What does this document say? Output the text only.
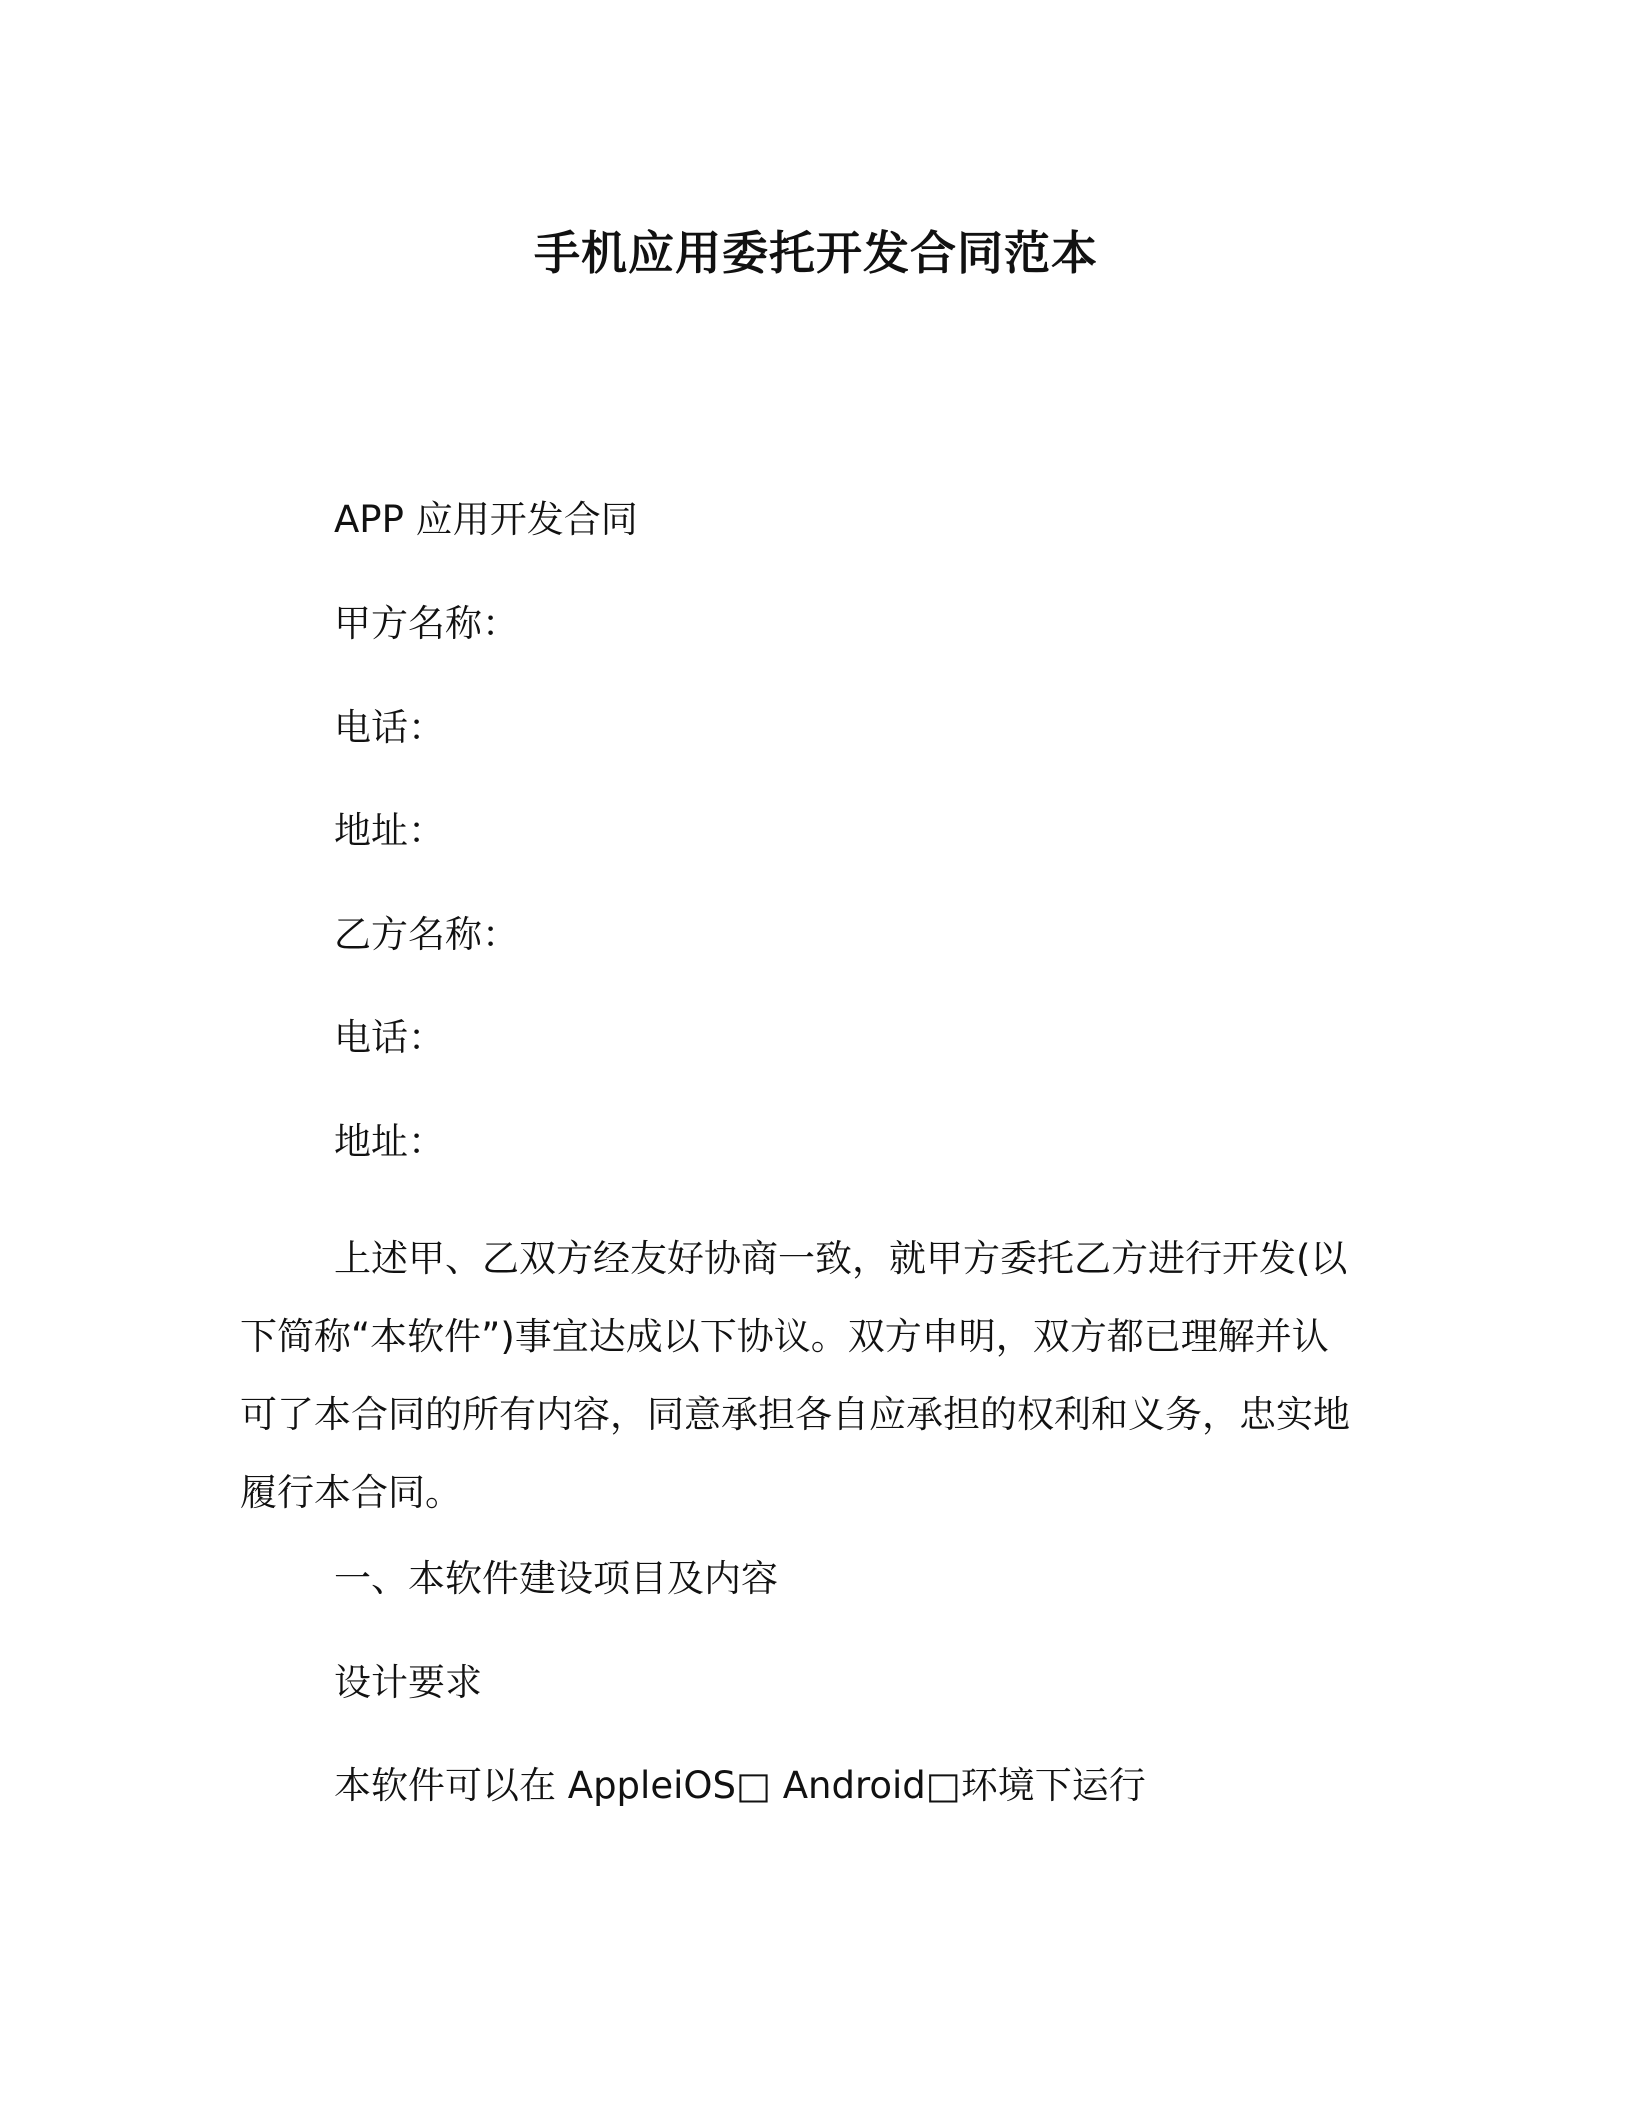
手机应用委托开发合同范本
APP 应用开发合同
甲方名称：
电话：
地址：
乙方名称：
电话：
地址：
上述甲、乙双方经友好协商一致，就甲方委托乙方进行开发(以
下简称“本软件”)事宜达成以下协议。双方申明，双方都已理解并认
可了本合同的所有内容，同意承担各自应承担的权利和义务，忠实地
履行本合同。
一、本软件建设项目及内容
设计要求
本软件可以在 AppleiOS□ Android□环境下运行
